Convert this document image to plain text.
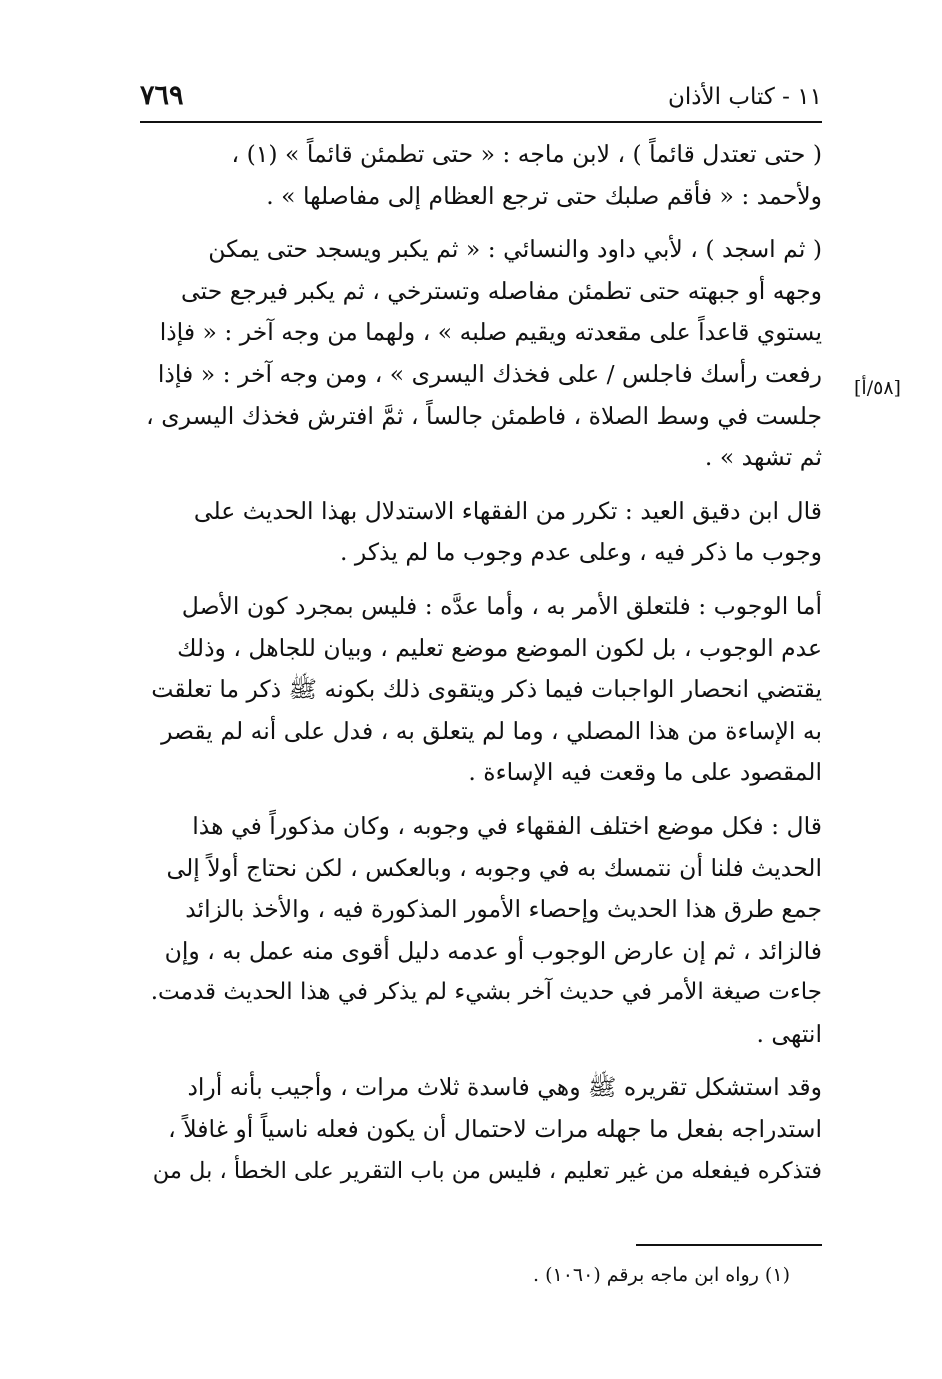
١١ - كتاب الأذان
٧٦٩
[٥٨/أ]

( حتى تعتدل قائماً ) ، لابن ماجه : « حتى تطمئن قائماً » (١) ،
ولأحمد : « فأقم صلبك حتى ترجع العظام إلى مفاصلها » .

( ثم اسجد ) ، لأبي داود والنسائي : « ثم يكبر ويسجد حتى يمكن
وجهه أو جبهته حتى تطمئن مفاصله وتسترخي ، ثم يكبر فيرجع حتى
يستوي قاعداً على مقعدته ويقيم صلبه » ، ولهما من وجه آخر : « فإذا
رفعت رأسك فاجلس / على فخذك اليسرى » ، ومن وجه آخر : « فإذا
جلست في وسط الصلاة ، فاطمئن جالساً ، ثمَّ افترش فخذك اليسرى ،
ثم تشهد » .

قال ابن دقيق العيد : تكرر من الفقهاء الاستدلال بهذا الحديث على
وجوب ما ذكر فيه ، وعلى عدم وجوب ما لم يذكر .

أما الوجوب : فلتعلق الأمر به ، وأما عدَّه : فليس بمجرد كون الأصل
عدم الوجوب ، بل لكون الموضع موضع تعليم ، وبيان للجاهل ، وذلك
يقتضي انحصار الواجبات فيما ذكر ويتقوى ذلك بكونه ﷺ ذكر ما تعلقت
به الإساءة من هذا المصلي ، وما لم يتعلق به ، فدل على أنه لم يقصر
المقصود على ما وقعت فيه الإساءة .

قال : فكل موضع اختلف الفقهاء في وجوبه ، وكان مذكوراً في هذا
الحديث فلنا أن نتمسك به في وجوبه ، وبالعكس ، لكن نحتاج أولاً إلى
جمع طرق هذا الحديث وإحصاء الأمور المذكورة فيه ، والأخذ بالزائد
فالزائد ، ثم إن عارض الوجوب أو عدمه دليل أقوى منه عمل به ، وإن
جاءت صيغة الأمر في حديث آخر بشيء لم يذكر في هذا الحديث قدمت.
انتهى .

وقد استشكل تقريره ﷺ وهي فاسدة ثلاث مرات ، وأجيب بأنه أراد
استدراجه بفعل ما جهله مرات لاحتمال أن يكون فعله ناسياً أو غافلاً ،
فتذكره فيفعله من غير تعليم ، فليس من باب التقرير على الخطأ ، بل من

(١) رواه ابن ماجه برقم (١٠٦٠) .
